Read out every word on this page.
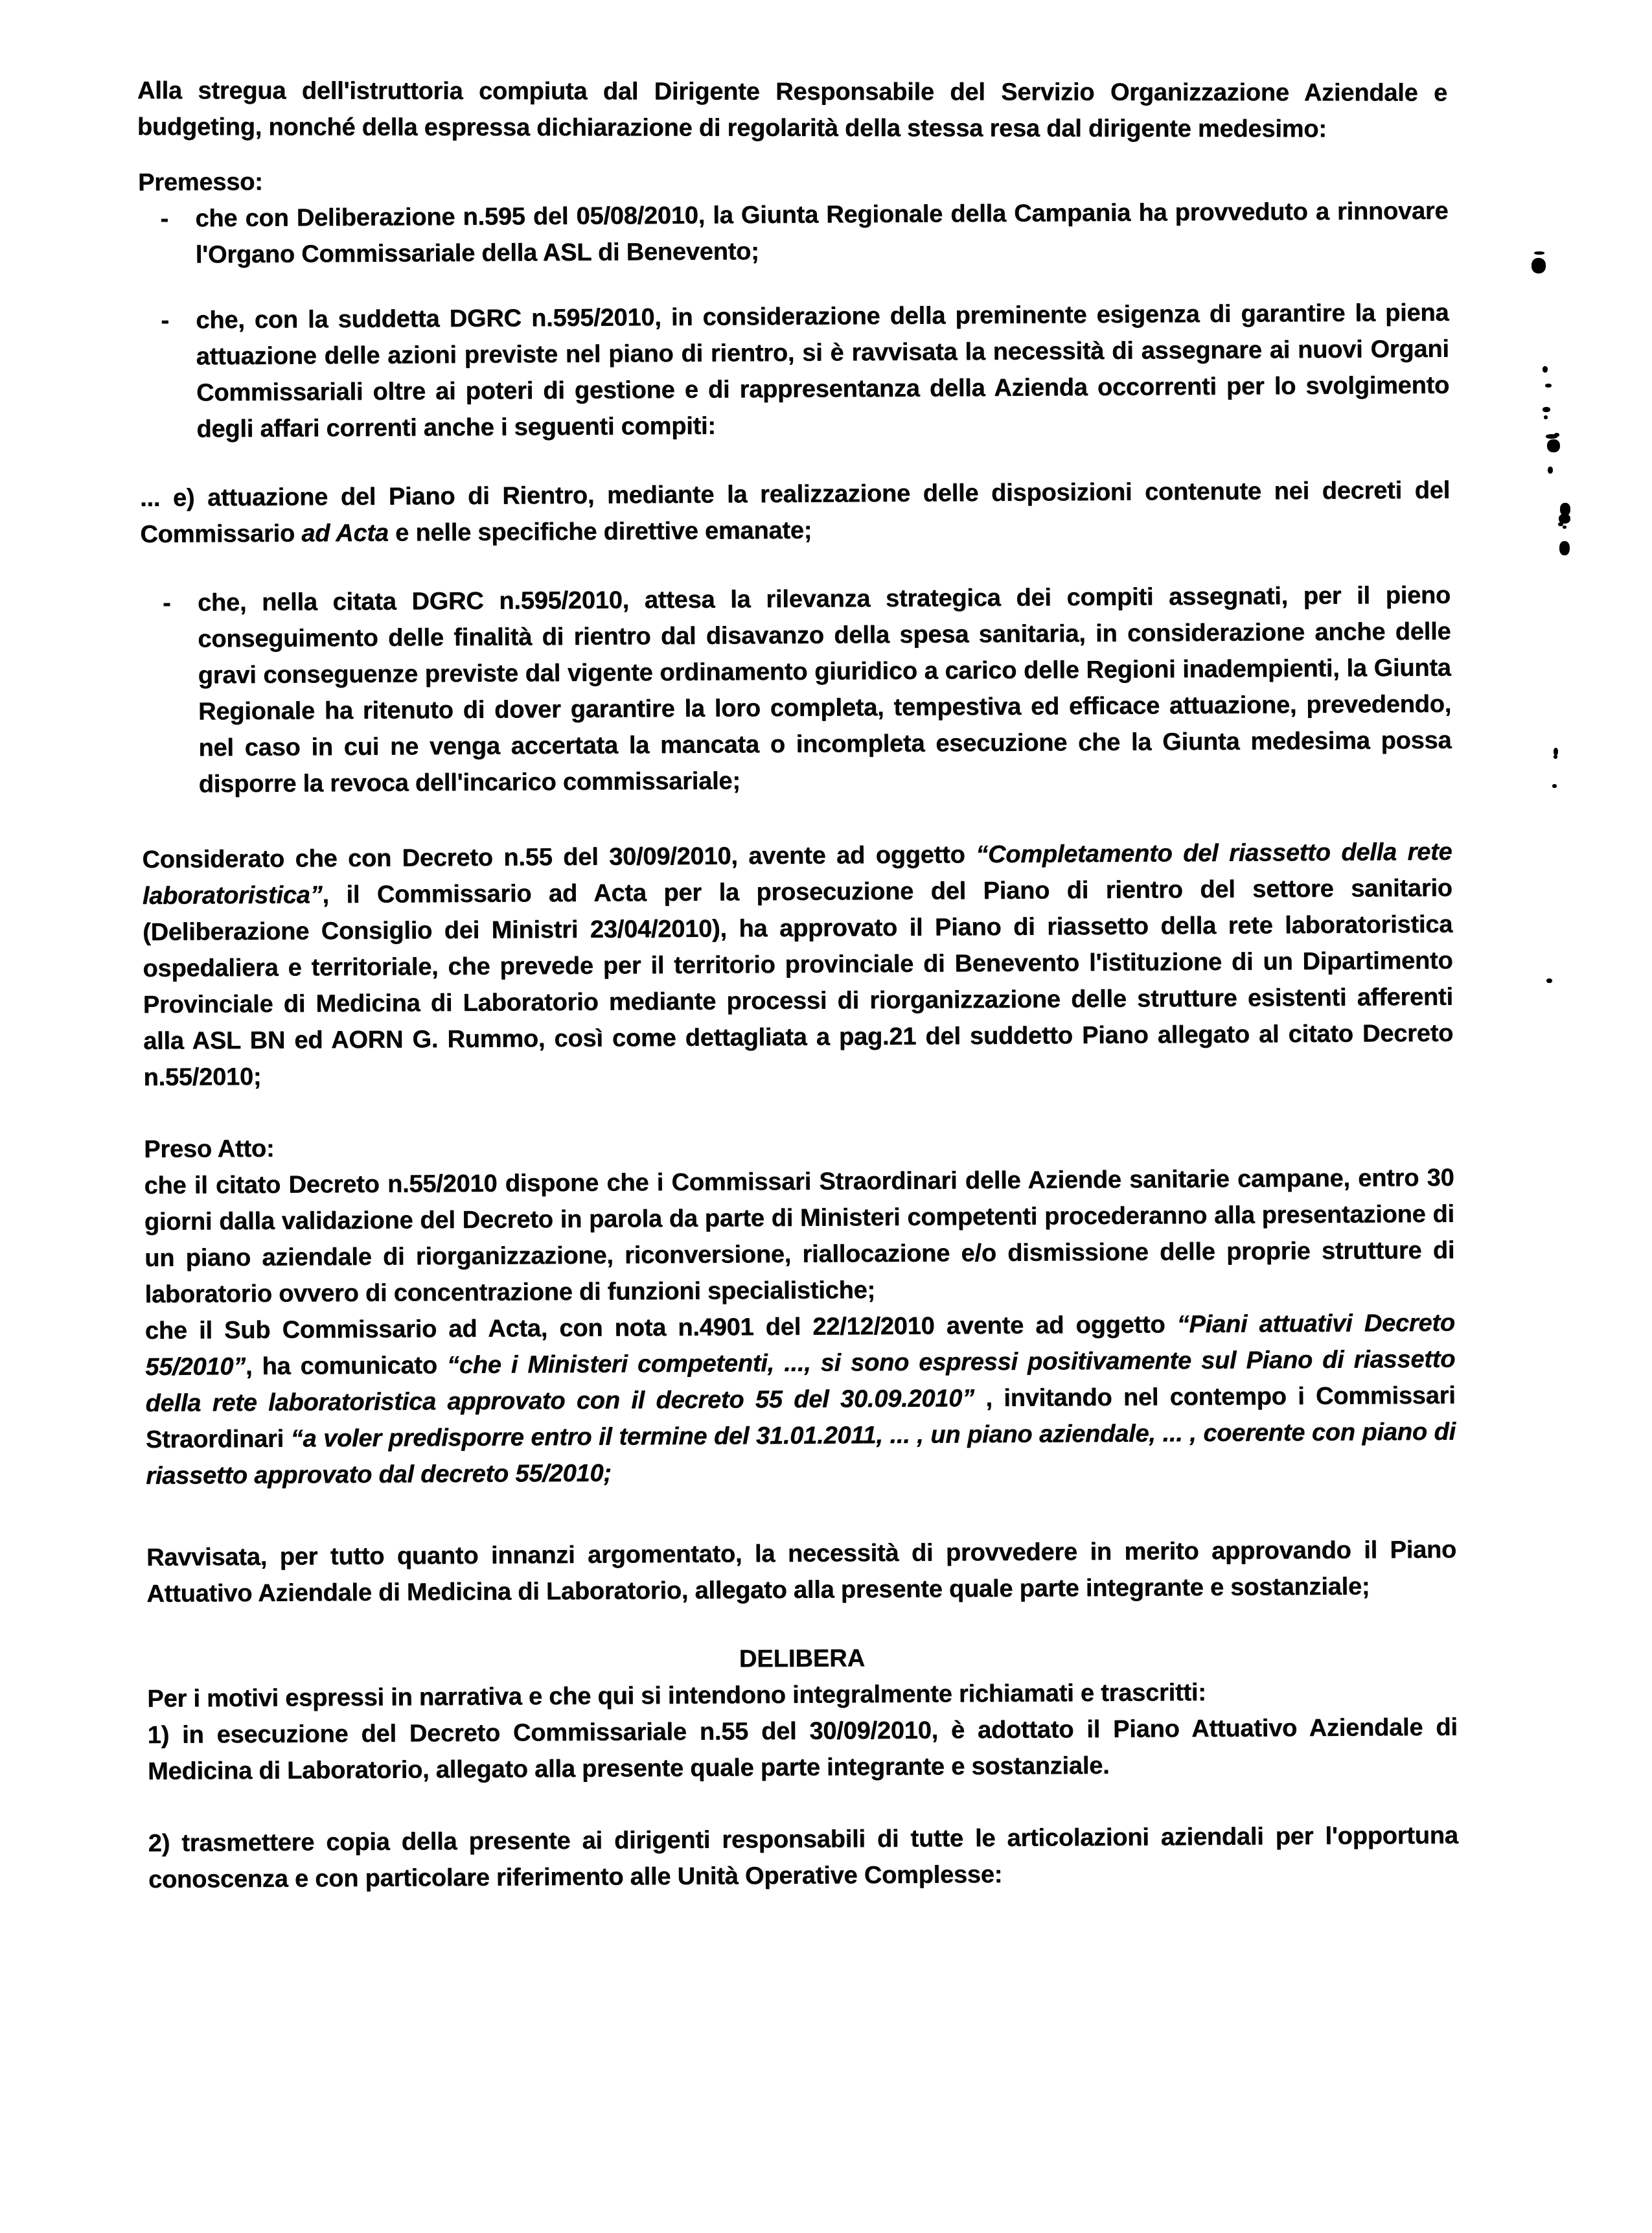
Alla stregua dell'istruttoria compiuta dal Dirigente Responsabile del Servizio Organizzazione Aziendale e budgeting, nonché della espressa dichiarazione di regolarità della stessa resa dal dirigente medesimo:

Premesso:

- che con Deliberazione n.595 del 05/08/2010, la Giunta Regionale della Campania ha provveduto a rinnovare l'Organo Commissariale della ASL di Benevento;
- che, con la suddetta DGRC n.595/2010, in considerazione della preminente esigenza di garantire la piena attuazione delle azioni previste nel piano di rientro, si è ravvisata la necessità di assegnare ai nuovi Organi Commissariali oltre ai poteri di gestione e di rappresentanza della Azienda occorrenti per lo svolgimento degli affari correnti anche i seguenti compiti:

... e) attuazione del Piano di Rientro, mediante la realizzazione delle disposizioni contenute nei decreti del Commissario ad Acta e nelle specifiche direttive emanate;

- che, nella citata DGRC n.595/2010, attesa la rilevanza strategica dei compiti assegnati, per il pieno conseguimento delle finalità di rientro dal disavanzo della spesa sanitaria, in considerazione anche delle gravi conseguenze previste dal vigente ordinamento giuridico a carico delle Regioni inadempienti, la Giunta Regionale ha ritenuto di dover garantire la loro completa, tempestiva ed efficace attuazione, prevedendo, nel caso in cui ne venga accertata la mancata o incompleta esecuzione che la Giunta medesima possa disporre la revoca dell'incarico commissariale;

Considerato che con Decreto n.55 del 30/09/2010, avente ad oggetto “Completamento del riassetto della rete laboratoristica”, il Commissario ad Acta per la prosecuzione del Piano di rientro del settore sanitario (Deliberazione Consiglio dei Ministri 23/04/2010), ha approvato il Piano di riassetto della rete laboratoristica ospedaliera e territoriale, che prevede per il territorio provinciale di Benevento l'istituzione di un Dipartimento Provinciale di Medicina di Laboratorio mediante processi di riorganizzazione delle strutture esistenti afferenti alla ASL BN ed AORN G. Rummo, così come dettagliata a pag.21 del suddetto Piano allegato al citato Decreto n.55/2010;

Preso Atto:

che il citato Decreto n.55/2010 dispone che i Commissari Straordinari delle Aziende sanitarie campane, entro 30 giorni dalla validazione del Decreto in parola da parte di Ministeri competenti procederanno alla presentazione di un piano aziendale di riorganizzazione, riconversione, riallocazione e/o dismissione delle proprie strutture di laboratorio ovvero di concentrazione di funzioni specialistiche;

che il Sub Commissario ad Acta, con nota n.4901 del 22/12/2010 avente ad oggetto “Piani attuativi Decreto 55/2010”, ha comunicato “che i Ministeri competenti, ..., si sono espressi positivamente sul Piano di riassetto della rete laboratoristica approvato con il decreto 55 del 30.09.2010” , invitando nel contempo i Commissari Straordinari “a voler predisporre entro il termine del 31.01.2011, ... , un piano aziendale, ... , coerente con piano di riassetto approvato dal decreto 55/2010;

Ravvisata, per tutto quanto innanzi argomentato, la necessità di provvedere in merito approvando il Piano Attuativo Aziendale di Medicina di Laboratorio, allegato alla presente quale parte integrante e sostanziale;

DELIBERA

Per i motivi espressi in narrativa e che qui si intendono integralmente richiamati e trascritti:

1) in esecuzione del Decreto Commissariale n.55 del 30/09/2010, è adottato il Piano Attuativo Aziendale di Medicina di Laboratorio, allegato alla presente quale parte integrante e sostanziale.

2) trasmettere copia della presente ai dirigenti responsabili di tutte le articolazioni aziendali per l'opportuna conoscenza e con particolare riferimento alle Unità Operative Complesse:
